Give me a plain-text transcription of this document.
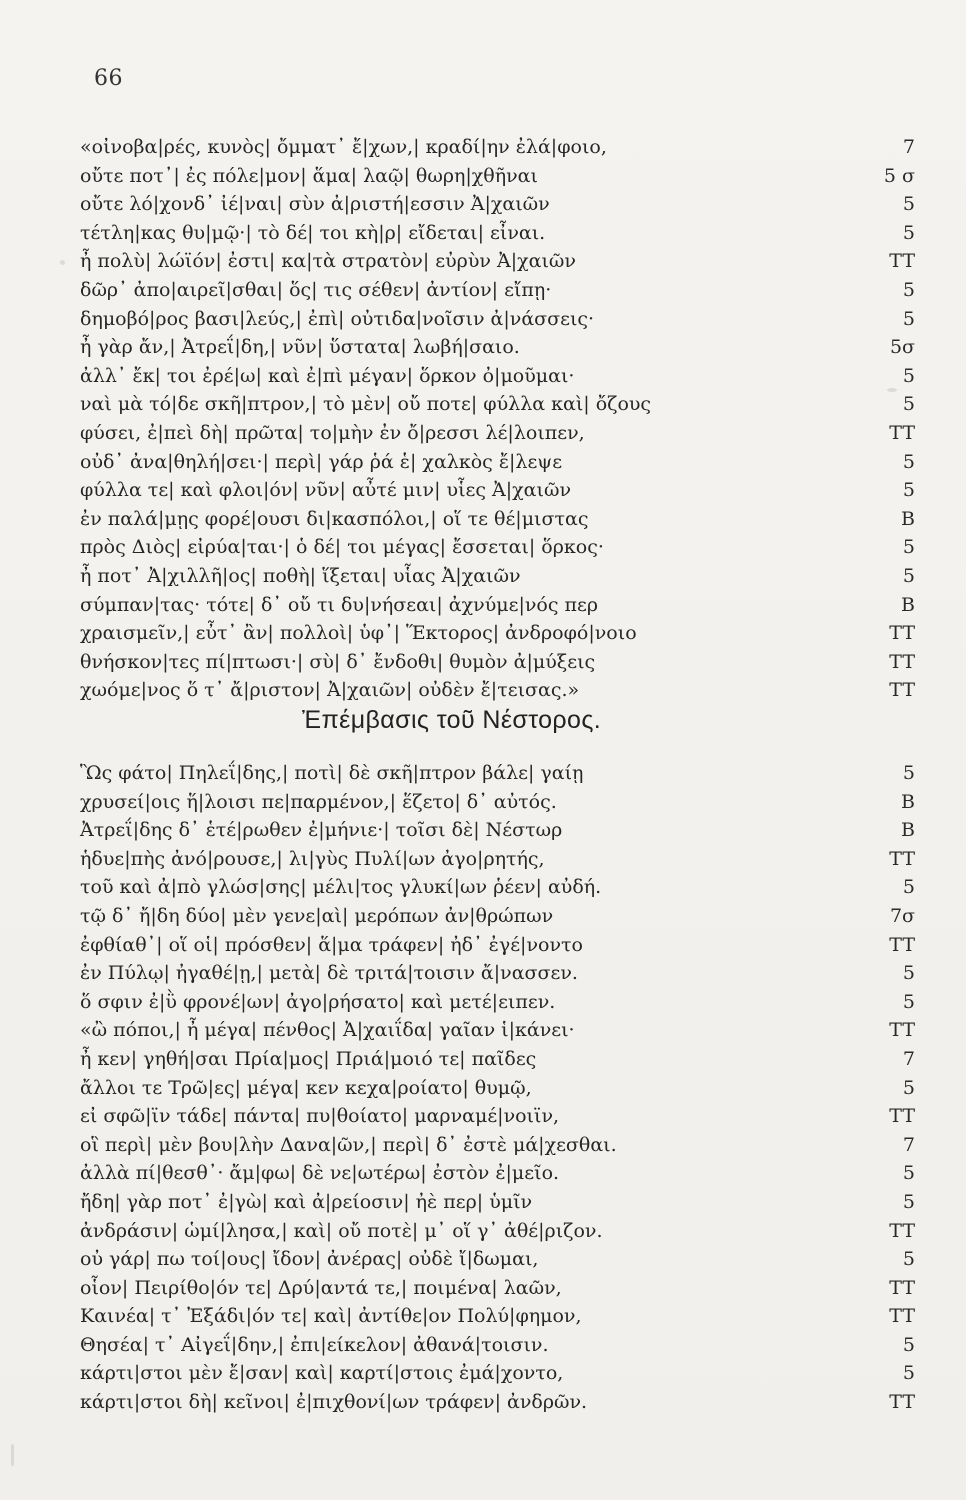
66
«οἰνοβα|ρές, κυνὸς| ὄμματ᾽ ἔ|χων,| κραδί|ην ἐλά|φοιο,	7
οὔτε ποτ᾽| ἐς πόλε|μον| ἅμα| λαῷ| θωρη|χθῆναι	5 σ
οὔτε λό|χονδ᾽ ἰέ|ναι| σὺν ἀ|ριστή|εσσιν Ἀ|χαιῶν	5
τέτλη|κας θυ|μῷ·| τὸ δέ| τοι κὴ|ρ| εἴδεται| εἶναι.	5
ἦ πολὺ| λώϊόν| ἐστι| κα|τὰ στρατὸν| εὐρὺν Ἀ|χαιῶν	TT
δῶρ᾽ ἀπο|αιρεῖ|σθαι| ὅς| τις σέθεν| ἀντίον| εἴπῃ·	5
δημοβό|ρος βασι|λεύς,| ἐπὶ| οὐτιδα|νοῖσιν ἀ|νάσσεις·	5
ἦ γὰρ ἄν,| Ἀτρεΐ|δη,| νῦν| ὕστατα| λωβή|σαιο.	5σ
ἀλλ᾽ ἔκ| τοι ἐρέ|ω| καὶ ἐ|πὶ μέγαν| ὅρκον ὀ|μοῦμαι·	5
ναὶ μὰ τό|δε σκῆ|πτρον,| τὸ μὲν| οὔ ποτε| φύλλα καὶ| ὄζους	5
φύσει, ἐ|πεὶ δὴ| πρῶτα| το|μὴν ἐν ὄ|ρεσσι λέ|λοιπεν,	TT
οὐδ᾽ ἀνα|θηλή|σει·| περὶ| γάρ ῥά ἑ| χαλκὸς ἔ|λεψε	5
φύλλα τε| καὶ φλοι|όν| νῦν| αὖτέ μιν| υἷες Ἀ|χαιῶν	5
ἐν παλά|μῃς φορέ|ουσι δι|κασπόλοι,| οἵ τε θέ|μιστας	B
πρὸς Διὸς| εἰρύα|ται·| ὁ δέ| τοι μέγας| ἔσσεται| ὅρκος·	5
ἦ ποτ᾽ Ἀ|χιλλῆ|ος| ποθὴ| ἵξεται| υἷας Ἀ|χαιῶν	5
σύμπαν|τας· τότε| δ᾽ οὔ τι δυ|νήσεαι| ἀχνύμε|νός περ	B
χραισμεῖν,| εὖτ᾽ ἂν| πολλοὶ| ὑφ᾽| Ἕκτορος| ἀνδροφό|νοιο	TT
θνήσκον|τες πί|πτωσι·| σὺ| δ᾽ ἔνδοθι| θυμὸν ἀ|μύξεις	TT
χωόμε|νος ὅ τ᾽ ἄ|ριστον| Ἀ|χαιῶν| οὐδὲν ἔ|τεισας.»	TT
Ἐπέμβασις τοῦ Νέστορος.
Ὣς φάτο| Πηλεΐ|δης,| ποτὶ| δὲ σκῆ|πτρον βάλε| γαίῃ	5
χρυσεί|οις ἥ|λοισι πε|παρμένον,| ἕζετο| δ᾽ αὐτός.	B
Ἀτρεΐ|δης δ᾽ ἑτέ|ρωθεν ἐ|μήνιε·| τοῖσι δὲ| Νέστωρ	B
ἡδυε|πὴς ἀνό|ρουσε,| λι|γὺς Πυλί|ων ἀγο|ρητής,	TT
τοῦ καὶ ἀ|πὸ γλώσ|σης| μέλι|τος γλυκί|ων ῥέεν| αὐδή.	5
τῷ δ᾽ ἤ|δη δύο| μὲν γενε|αὶ| μερόπων ἀν|θρώπων	7σ
ἐφθίαθ᾽| οἵ οἱ| πρόσθεν| ἅ|μα τράφεν| ἠδ᾽ ἐγέ|νοντο	TT
ἐν Πύλῳ| ἠγαθέ|ῃ,| μετὰ| δὲ τριτά|τοισιν ἄ|νασσεν.	5
ὅ σφιν ἐ|ῢ φρονέ|ων| ἀγο|ρήσατο| καὶ μετέ|ειπεν.	5
«ὢ πόποι,| ἦ μέγα| πένθος| Ἀ|χαιΐδα| γαῖαν ἱ|κάνει·	TT
ἦ κεν| γηθή|σαι Πρία|μος| Πριά|μοιό τε| παῖδες	7
ἄλλοι τε Τρῶ|ες| μέγα| κεν κεχα|ροίατο| θυμῷ,	5
εἰ σφῶ|ϊν τάδε| πάντα| πυ|θοίατο| μαρναμέ|νοιϊν,	TT
οἳ περὶ| μὲν βου|λὴν Δανα|ῶν,| περὶ| δ᾽ ἐστὲ μά|χεσθαι.	7
ἀλλὰ πί|θεσθ᾽· ἄμ|φω| δὲ νε|ωτέρω| ἐστὸν ἐ|μεῖο.	5
ἤδη| γὰρ ποτ᾽ ἐ|γὼ| καὶ ἀ|ρείοσιν| ἠὲ περ| ὑμῖν	5
ἀνδράσιν| ὡμί|λησα,| καὶ| οὔ ποτὲ| μ᾽ οἵ γ᾽ ἀθέ|ριζον.	TT
οὐ γάρ| πω τοί|ους| ἴδον| ἀνέρας| οὐδὲ ἴ|δωμαι,	5
οἷον| Πειρίθο|όν τε| Δρύ|αντά τε,| ποιμένα| λαῶν,	TT
Καινέα| τ᾽ Ἐξάδι|όν τε| καὶ| ἀντίθε|ον Πολύ|φημον,	TT
Θησέα| τ᾽ Αἰγεΐ|δην,| ἐπι|είκελον| ἀθανά|τοισιν.	5
κάρτι|στοι μὲν ἔ|σαν| καὶ| καρτί|στοις ἐμά|χοντο,	5
κάρτι|στοι δὴ| κεῖνοι| ἐ|πιχθονί|ων τράφεν| ἀνδρῶν.	TT
